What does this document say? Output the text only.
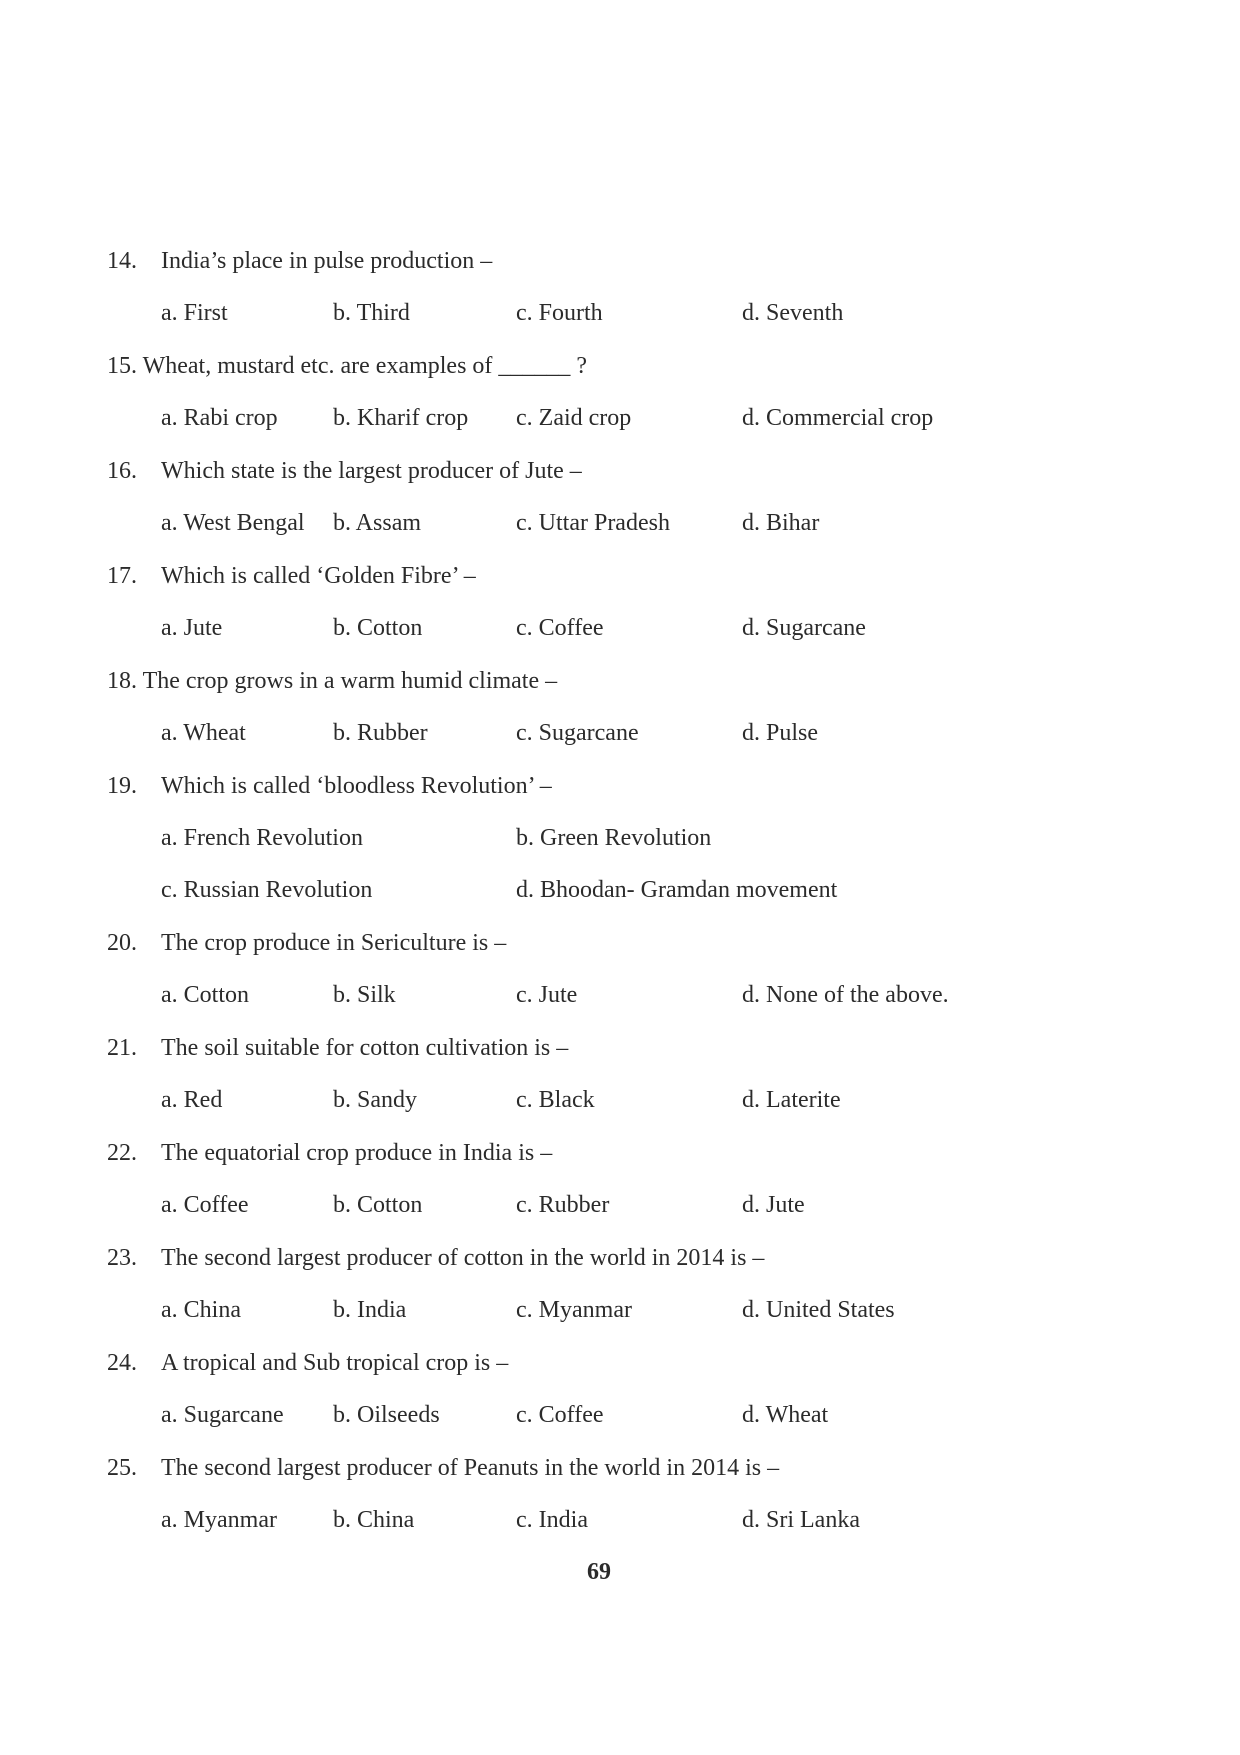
14. India’s place in pulse production –
a. First	b. Third	c. Fourth	d. Seventh
15. Wheat, mustard etc. are examples of ______ ?
a. Rabi crop b. Kharif crop c. Zaid crop	d. Commercial crop
16. Which state is the largest producer of Jute –
a. West Bengal b. Assam	c. Uttar Pradesh	d. Bihar
17. Which is called ‘Golden Fibre’ –
a. Jute	b. Cotton	c. Coffee	d. Sugarcane
18. The crop grows in a warm humid climate –
a. Wheat	b. Rubber	c. Sugarcane	d. Pulse
19. Which is called ‘bloodless Revolution’ –
a. French Revolution	b. Green Revolution
c. Russian Revolution	d. Bhoodan- Gramdan movement
20. The crop produce in Sericulture is –
a. Cotton	b. Silk	c. Jute	d. None of the above.
21. The soil suitable for cotton cultivation is –
a. Red	b. Sandy	c. Black	d. Laterite
22. The equatorial crop produce in India is –
a. Coffee	b. Cotton	c. Rubber	d. Jute
23. The second largest producer of cotton in the world in 2014 is –
a. China	b. India	c. Myanmar	d. United States
24. A tropical and Sub tropical crop is –
a. Sugarcane b. Oilseeds	c. Coffee	d. Wheat
25. The second largest producer of Peanuts in the world in 2014 is –
a. Myanmar b. China	c. India	d. Sri Lanka
69
